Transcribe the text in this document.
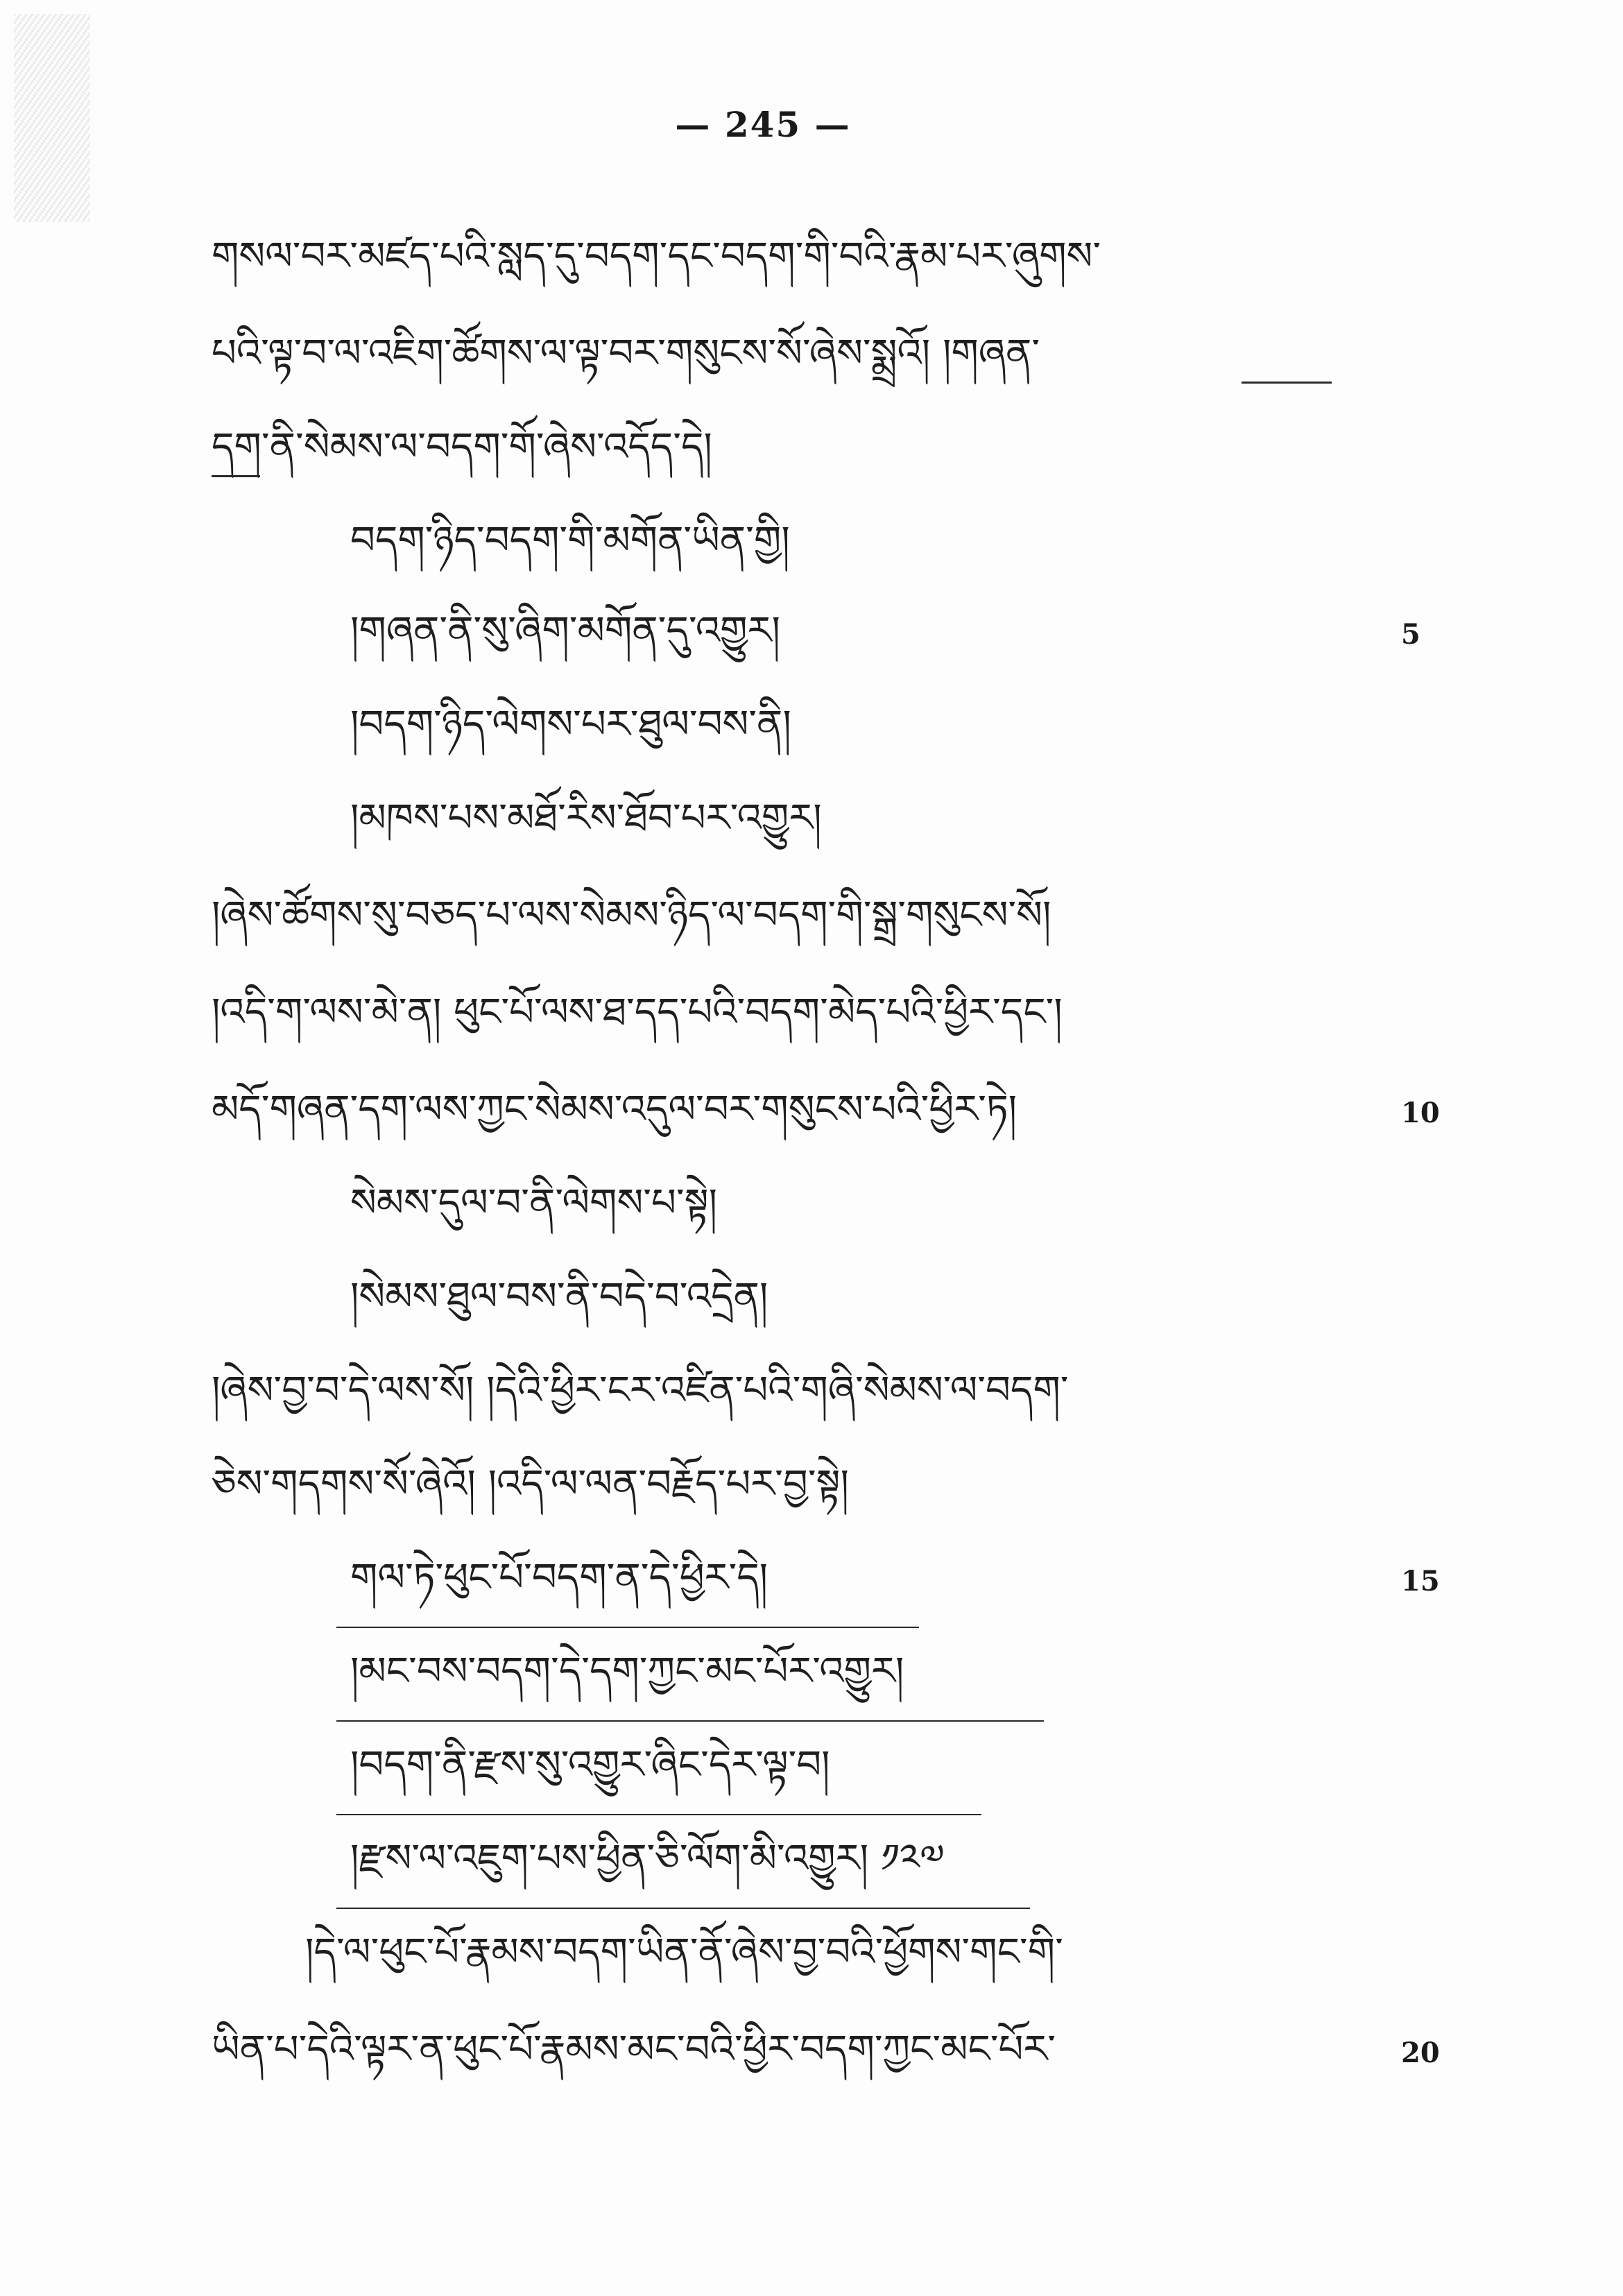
— 245 —
གསལ་བར་མཛད་པའི་སླད་དུ་བདག་དང་བདག་གི་བའི་རྣམ་པར་ཞུགས་
པའི་ལྟ་བ་ལ་འཇིག་ཚོགས་ལ་ལྟ་བར་གསུངས་སོ་ཞེས་སྨྲའོ། །གཞན་
དག་ནི་སེམས་ལ་བདག་གོ་ཞེས་འདོད་དེ།
བདག་ཉིད་བདག་གི་མགོན་ཡིན་གྱི།
།གཞན་ནི་སུ་ཞིག་མགོན་དུ་འགྱུར།	5
།བདག་ཉིད་ལེགས་པར་ཐུལ་བས་ནི།
།མཁས་པས་མཐོ་རིས་ཐོབ་པར་འགྱུར།
།ཞེས་ཚོགས་སུ་བཅད་པ་ལས་སེམས་ཉིད་ལ་བདག་གི་སྒྲ་གསུངས་སོ།
།འདི་ག་ལས་མེ་ན། ཕུང་པོ་ལས་ཐ་དད་པའི་བདག་མེད་པའི་ཕྱིར་དང་།
མདོ་གཞན་དག་ལས་ཀྱང་སེམས་འདུལ་བར་གསུངས་པའི་ཕྱིར་ཏེ།	10
སེམས་དུལ་བ་ནི་ལེགས་པ་སྟེ།
།སེམས་ཐུལ་བས་ནི་བདེ་བ་འདྲེན།
།ཞེས་བྱ་བ་དེ་ལས་སོ། །དེའི་ཕྱིར་ངར་འཛིན་པའི་གཞི་སེམས་ལ་བདག་
ཅེས་གདགས་སོ་ཞེའོ། །འདི་ལ་ལན་བརྗོད་པར་བྱ་སྟེ།
གལ་ཏེ་ཕུང་པོ་བདག་ན་དེ་ཕྱིར་དེ།	15
།མང་བས་བདག་དེ་དག་ཀྱང་མང་པོར་འགྱུར།
།བདག་ནི་རྫས་སུ་འགྱུར་ཞིང་དེར་ལྟ་བ།
།རྫས་ལ་འཇུག་པས་ཕྱིན་ཅི་ལོག་མི་འགྱུར། ༡༢༧
།དེ་ལ་ཕུང་པོ་རྣམས་བདག་ཡིན་ནོ་ཞེས་བྱ་བའི་ཕྱོགས་གང་གི་
ཡིན་པ་དེའི་ལྟར་ན་ཕུང་པོ་རྣམས་མང་བའི་ཕྱིར་བདག་ཀྱང་མང་པོར་	20
